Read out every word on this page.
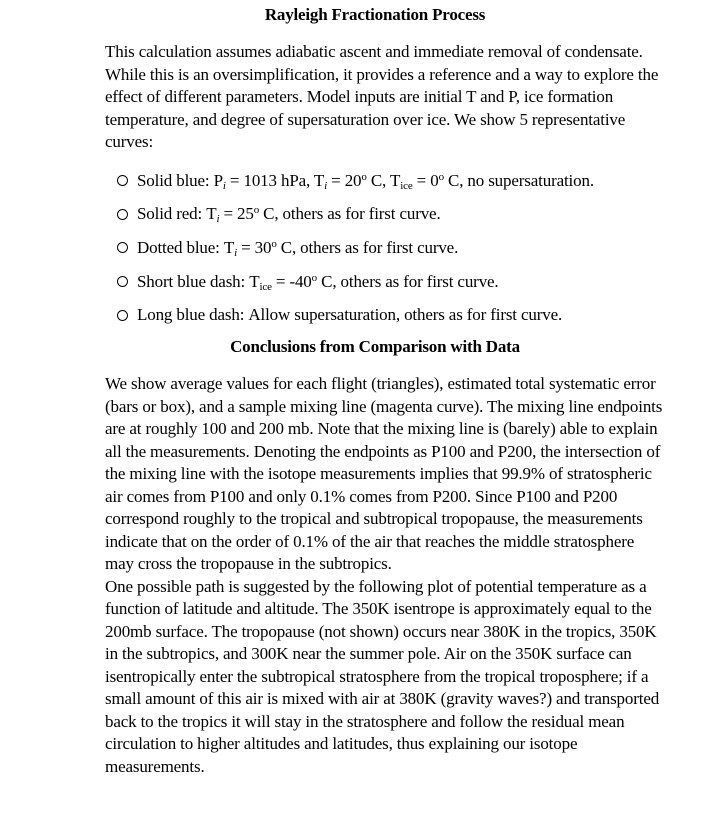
Rayleigh Fractionation Process

This calculation assumes adiabatic ascent and immediate removal of condensate. While this is an oversimplification, it provides a reference and a way to explore the effect of different parameters. Model inputs are initial T and P, ice formation temperature, and degree of supersaturation over ice. We show 5 representative curves:

Solid blue:
$P_i = 1013$ hPa, $T_i = 20^o$ C, $T_{ice} = 0^o$ C, no supersaturation.
Solid red:
$T_i = 25^o$ C, others as for first curve.
Dotted blue:
$T_i = 30^o$ C, others as for first curve.
Short blue dash:
$T_{ice} = -40^o$ C, others as for first curve.
Long blue dash:
Allow supersaturation, others as for first curve.
Conclusions from Comparison with Data

We show average values for each flight (triangles), estimated total systematic error (bars or box), and a sample mixing line (magenta curve). The mixing line endpoints are at roughly 100 and 200 mb. Note that the mixing line is (barely) able to explain all the measurements. Denoting the endpoints as P100 and P200, the intersection of the mixing line with the isotope measurements implies that 99.9% of stratospheric air comes from P100 and only 0.1% comes from P200. Since P100 and P200 correspond roughly to the tropical and subtropical tropopause, the measurements indicate that on the order of 0.1% of the air that reaches the middle stratosphere may cross the tropopause in the subtropics.

One possible path is suggested by the following plot of potential temperature as a function of latitude and altitude. The 350K isentrope is approximately equal to the 200mb surface. The tropopause (not shown) occurs near 380K in the tropics, 350K in the subtropics, and 300K near the summer pole. Air on the 350K surface can isentropically enter the subtropical stratosphere from the tropical troposphere; if a small amount of this air is mixed with air at 380K (gravity waves?) and transported back to the tropics it will stay in the stratosphere and follow the residual mean circulation to higher altitudes and latitudes, thus explaining our isotope measurements.
